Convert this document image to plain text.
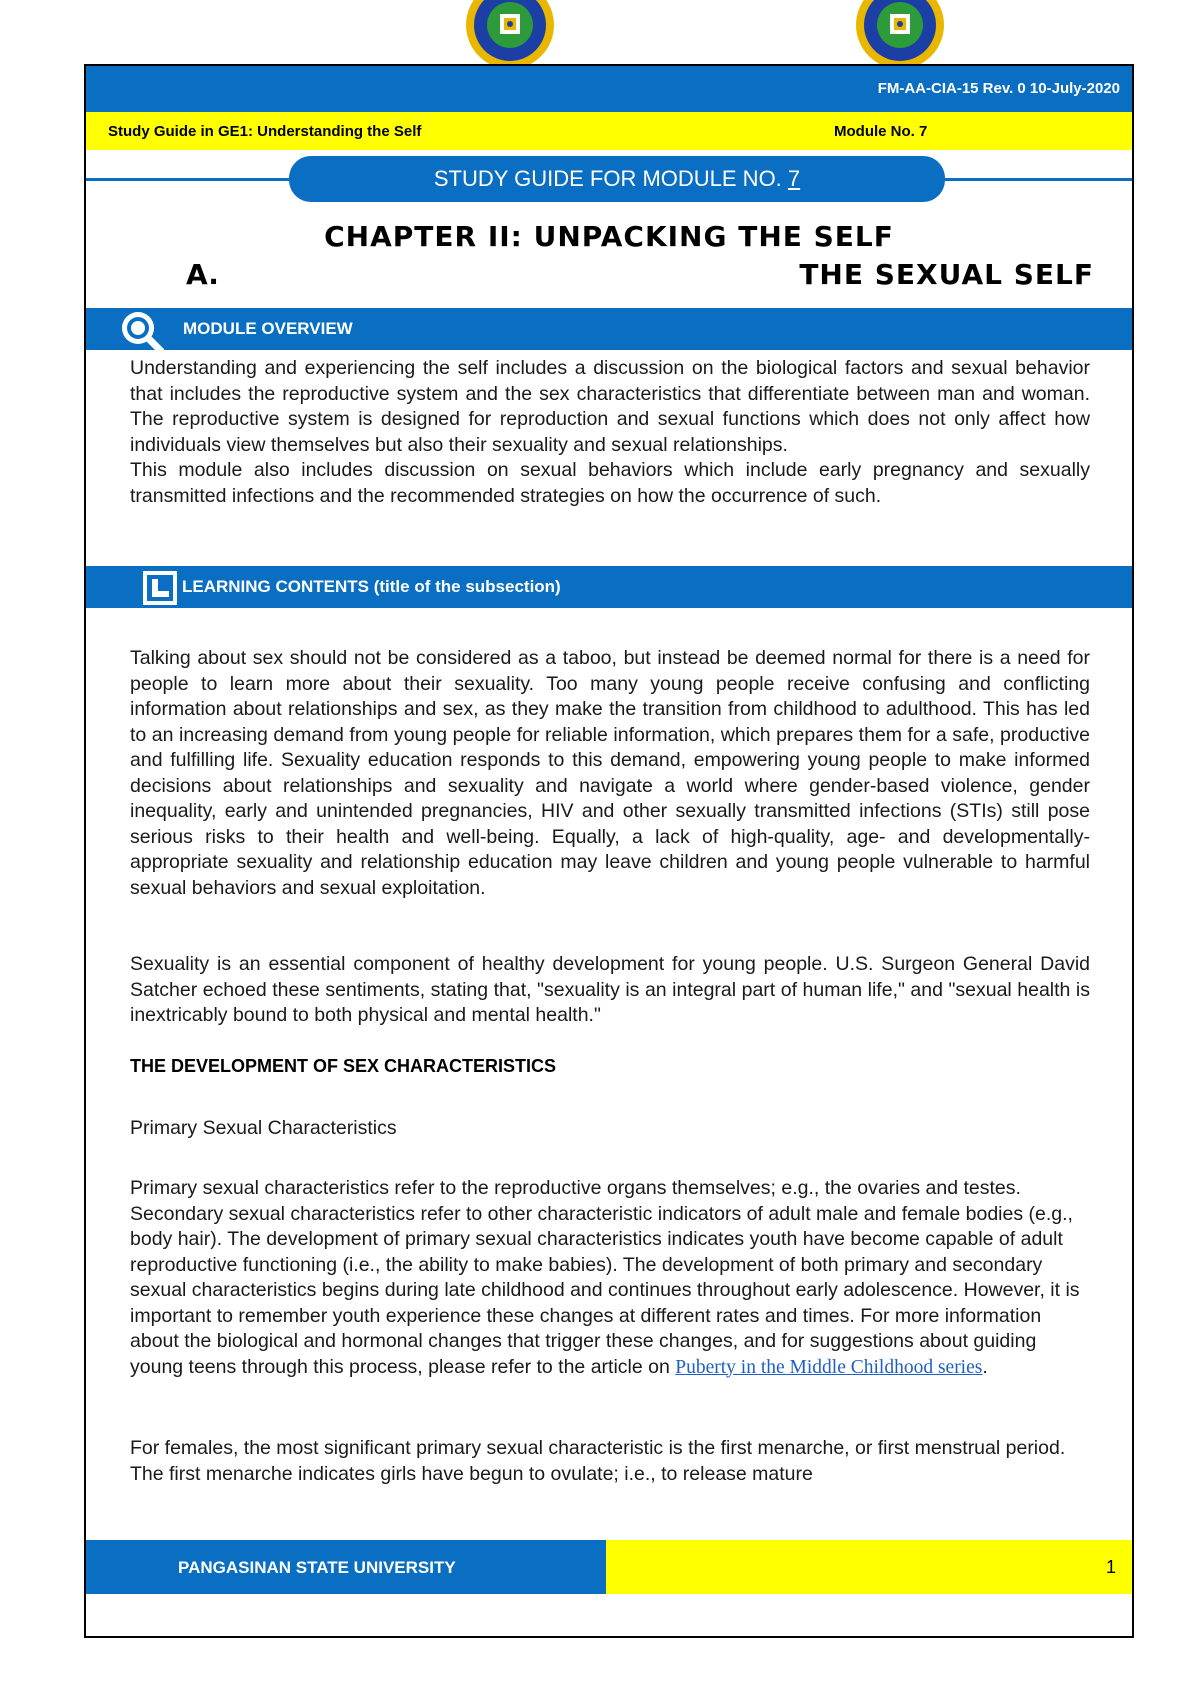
FM-AA-CIA-15 Rev. 0 10-July-2020
Study Guide in GE1: Understanding the Self	Module No. 7
STUDY GUIDE FOR MODULE NO. 7
CHAPTER II: UNPACKING THE SELF
A.	THE SEXUAL SELF
MODULE OVERVIEW

Understanding and experiencing the self includes a discussion on the biological factors and sexual behavior that includes the reproductive system and the sex characteristics that differentiate between man and woman. The reproductive system is designed for reproduction and sexual functions which does not only affect how individuals view themselves but also their sexuality and sexual relationships.

This module also includes discussion on sexual behaviors which include early pregnancy and sexually transmitted infections and the recommended strategies on how the occurrence of such.

LEARNING CONTENTS (title of the subsection)
Talking about sex should not be considered as a taboo, but instead be deemed normal for there is a need for people to learn more about their sexuality. Too many young people receive confusing and conflicting information about relationships and sex, as they make the transition from childhood to adulthood. This has led to an increasing demand from young people for reliable information, which prepares them for a safe, productive and fulfilling life. Sexuality education responds to this demand, empowering young people to make informed decisions about relationships and sexuality and navigate a world where gender-based violence, gender inequality, early and unintended pregnancies, HIV and other sexually transmitted infections (STIs) still pose serious risks to their health and well-being. Equally, a lack of high-quality, age- and developmentally-appropriate sexuality and relationship education may leave children and young people vulnerable to harmful sexual behaviors and sexual exploitation.
Sexuality is an essential component of healthy development for young people. U.S. Surgeon General David Satcher echoed these sentiments, stating that, "sexuality is an integral part of human life," and "sexual health is inextricably bound to both physical and mental health."
THE DEVELOPMENT OF SEX CHARACTERISTICS
Primary Sexual Characteristics
Primary sexual characteristics refer to the reproductive organs themselves; e.g., the ovaries and testes. Secondary sexual characteristics refer to other characteristic indicators of adult male and female bodies (e.g., body hair). The development of primary sexual characteristics indicates youth have become capable of adult reproductive functioning (i.e., the ability to make babies). The development of both primary and secondary sexual characteristics begins during late childhood and continues throughout early adolescence. However, it is important to remember youth experience these changes at different rates and times. For more information about the biological and hormonal changes that trigger these changes, and for suggestions about guiding young teens through this process, please refer to the article on Puberty in the Middle Childhood series.
For females, the most significant primary sexual characteristic is the first menarche, or first menstrual period. The first menarche indicates girls have begun to ovulate; i.e., to release mature
PANGASINAN STATE UNIVERSITY	1
